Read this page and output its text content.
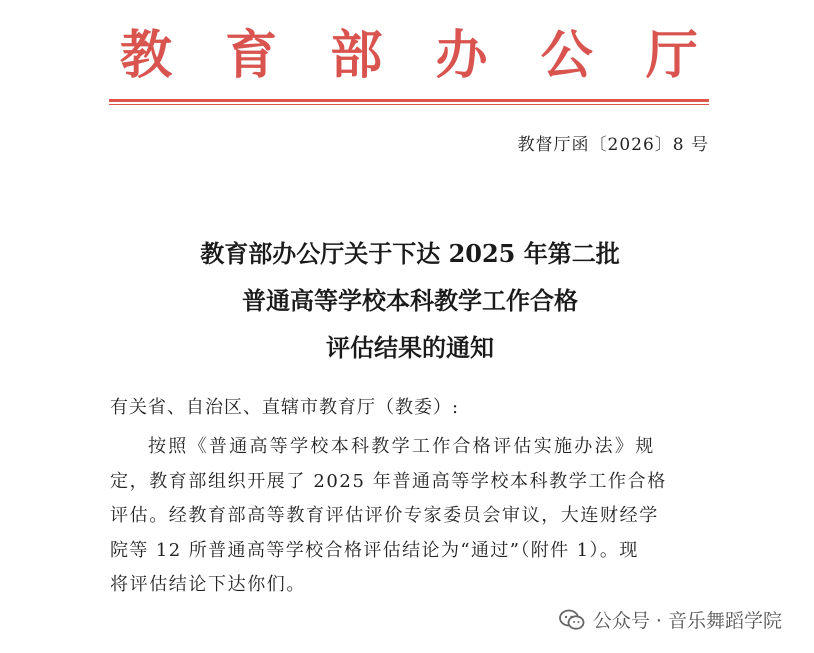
教 育 部 办 公 厅
教督厅函〔2026〕8 号
教育部办公厅关于下达 2025 年第二批
普通高等学校本科教学工作合格
评估结果的通知
有关省、自治区、直辖市教育厅（教委）:
按照《普通高等学校本科教学工作合格评估实施办法》规
定，教育部组织开展了 2025 年普通高等学校本科教学工作合格
评估。经教育部高等教育评估评价专家委员会审议，大连财经学
院等 12 所普通高等学校合格评估结论为“通过”（附件 1）。现
将评估结论下达你们。
公众号 · 音乐舞蹈学院
